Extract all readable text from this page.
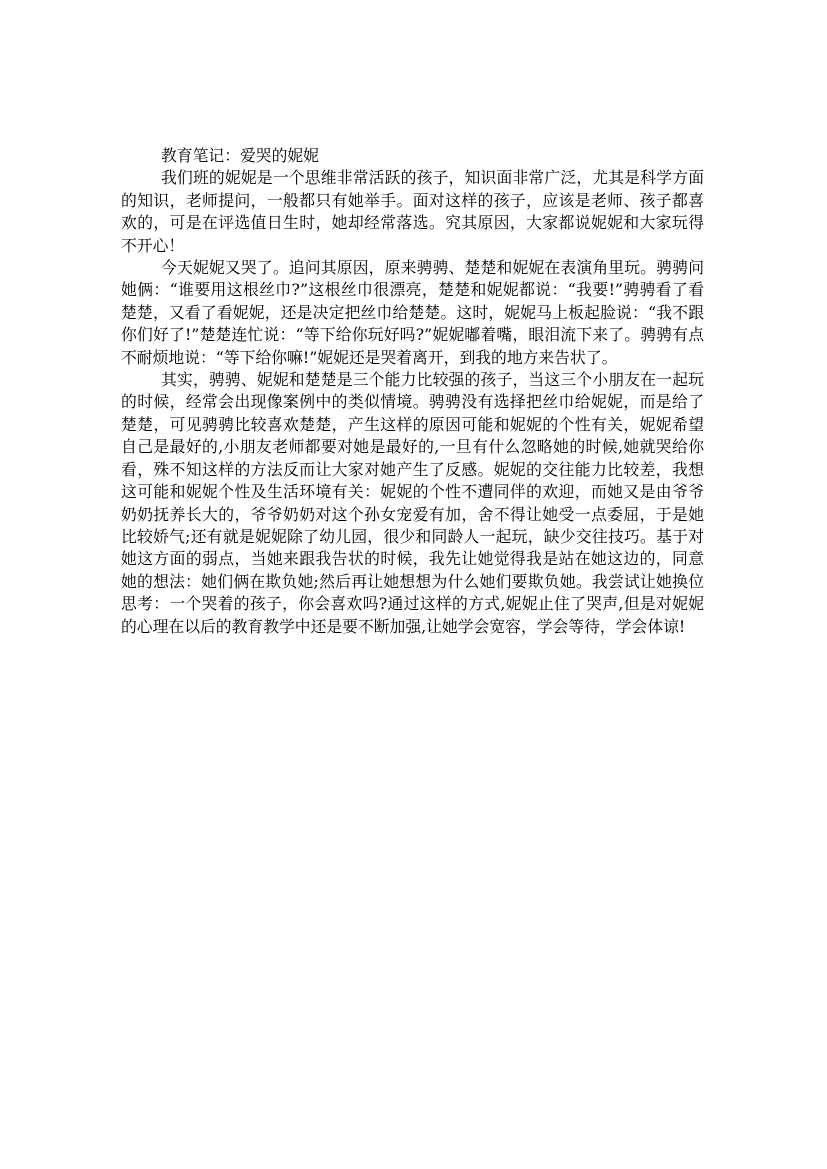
教育笔记：爱哭的妮妮

我们班的妮妮是一个思维非常活跃的孩子，知识面非常广泛，尤其是科学方面的知识，老师提问，一般都只有她举手。面对这样的孩子，应该是老师、孩子都喜欢的，可是在评选值日生时，她却经常落选。究其原因，大家都说妮妮和大家玩得不开心！

今天妮妮又哭了。追问其原因，原来骋骋、楚楚和妮妮在表演角里玩。骋骋问她俩：“谁要用这根丝巾?”这根丝巾很漂亮，楚楚和妮妮都说：“我要!”骋骋看了看楚楚，又看了看妮妮，还是决定把丝巾给楚楚。这时，妮妮马上板起脸说：“我不跟你们好了!”楚楚连忙说：“等下给你玩好吗?”妮妮嘟着嘴，眼泪流下来了。骋骋有点不耐烦地说：“等下给你嘛!”妮妮还是哭着离开，到我的地方来告状了。

其实，骋骋、妮妮和楚楚是三个能力比较强的孩子，当这三个小朋友在一起玩的时候，经常会出现像案例中的类似情境。骋骋没有选择把丝巾给妮妮，而是给了楚楚，可见骋骋比较喜欢楚楚，产生这样的原因可能和妮妮的个性有关，妮妮希望自己是最好的,小朋友老师都要对她是最好的,一旦有什么忽略她的时候,她就哭给你看，殊不知这样的方法反而让大家对她产生了反感。妮妮的交往能力比较差，我想这可能和妮妮个性及生活环境有关：妮妮的个性不遭同伴的欢迎，而她又是由爷爷奶奶抚养长大的，爷爷奶奶对这个孙女宠爱有加，舍不得让她受一点委屈，于是她比较娇气;还有就是妮妮除了幼儿园，很少和同龄人一起玩，缺少交往技巧。基于对她这方面的弱点，当她来跟我告状的时候，我先让她觉得我是站在她这边的，同意她的想法：她们俩在欺负她;然后再让她想想为什么她们要欺负她。我尝试让她换位思考：一个哭着的孩子，你会喜欢吗?通过这样的方式,妮妮止住了哭声,但是对妮妮的心理在以后的教育教学中还是要不断加强,让她学会宽容，学会等待，学会体谅!
